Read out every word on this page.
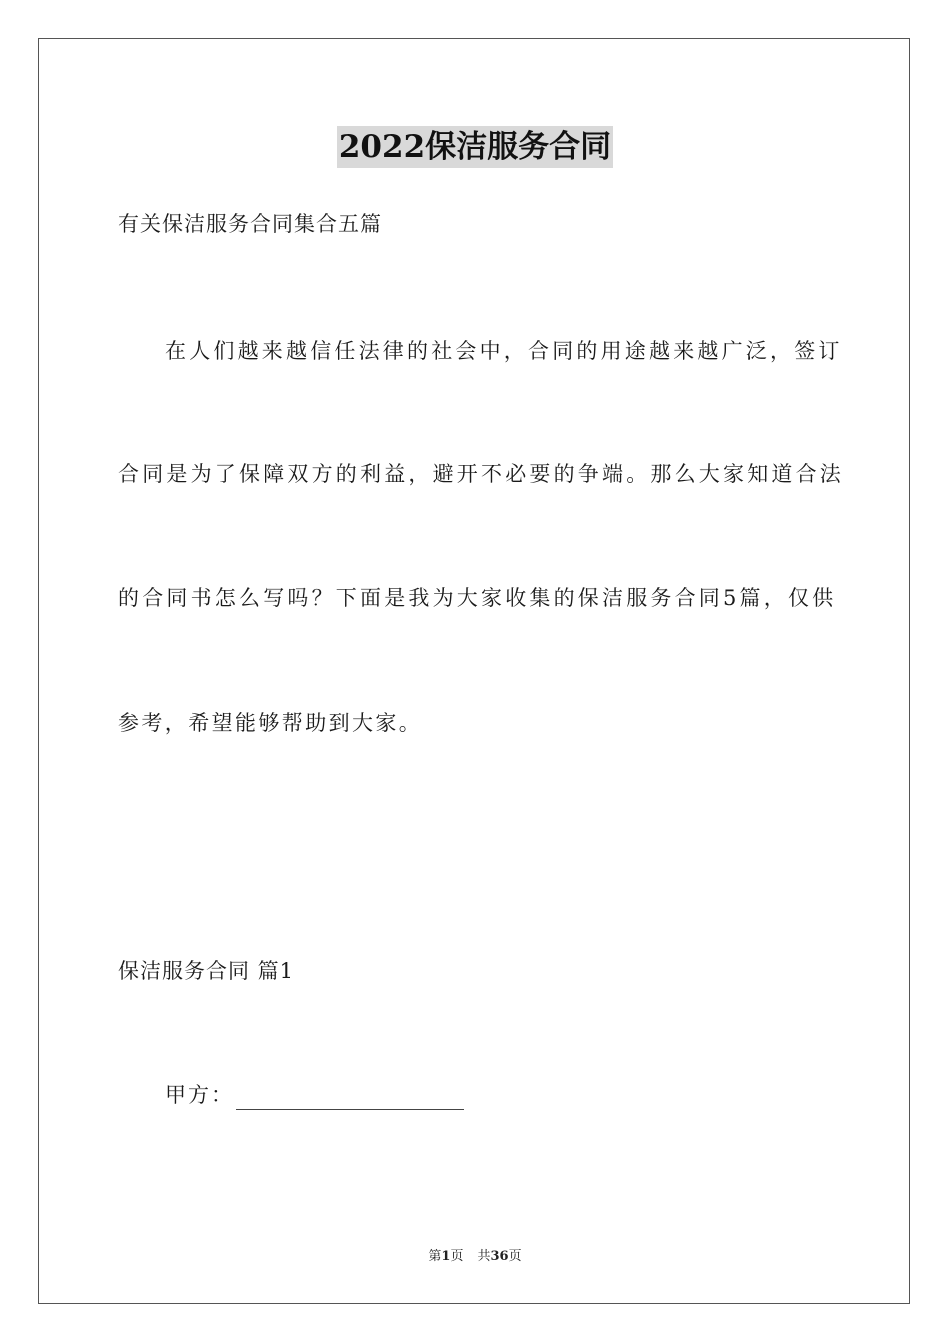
2022保洁服务合同
有关保洁服务合同集合五篇
在人们越来越信任法律的社会中，合同的用途越来越广泛，签订
合同是为了保障双方的利益，避开不必要的争端。那么大家知道合法
的合同书怎么写吗？下面是我为大家收集的保洁服务合同5篇，仅供
参考，希望能够帮助到大家。
保洁服务合同 篇1
甲方：
第1页 共36页
